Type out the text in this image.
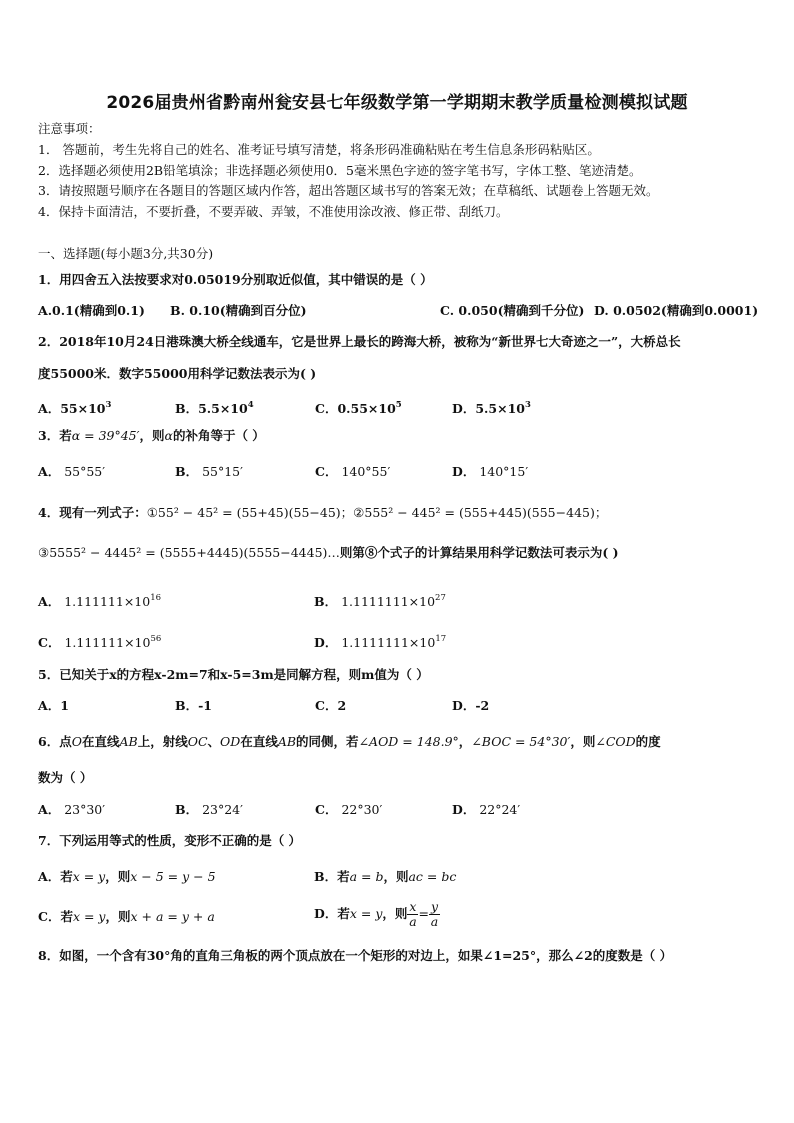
2026届贵州省黔南州瓮安县七年级数学第一学期期末教学质量检测模拟试题
注意事项：
1． 答题前，考生先将自己的姓名、准考证号填写清楚，将条形码准确粘贴在考生信息条形码粘贴区。
2．选择题必须使用2B铅笔填涂；非选择题必须使用0．5毫米黑色字迹的签字笔书写，字体工整、笔迹清楚。
3．请按照题号顺序在各题目的答题区域内作答，超出答题区域书写的答案无效；在草稿纸、试题卷上答题无效。
4．保持卡面清洁，不要折叠，不要弄破、弄皱，不准使用涂改液、修正带、刮纸刀。
一、选择题(每小题3分,共30分)
1．用四舍五入法按要求对0.05019分别取近似值，其中错误的是（ ）
A.0.1(精确到0.1) B. 0.10(精确到百分位)	C. 0.050(精确到千分位) D. 0.0502(精确到0.0001)
2．2018年10月24日港珠澳大桥全线通车，它是世界上最长的跨海大桥，被称为“新世界七大奇迹之一”，大桥总长
度55000米．数字55000用科学记数法表示为( )
A．$55\times 10^3$	B．$5.5\times 10^4$	C．$0.55\times 10^5$	D．$5.5\times 10^3$
3．若α = 39°45′，则α的补角等于（ ）
A． 55°55′	B． 55°15′	C． 140°55′	D． 140°15′
4．现有一列式子：①55² − 45² = (55+45)(55−45)；②555² − 445² = (555+445)(555−445)；
③5555² − 4445² = (5555+4445)(5555−4445)…则第⑧个式子的计算结果用科学记数法可表示为( )
A． $1.111111\times 10^{16}$	B． $1.1111111\times 10^{27}$
C． $1.111111\times 10^{56}$	D． $1.1111111\times 10^{17}$
5．已知关于x的方程x-2m=7和x-5=3m是同解方程，则m值为（ ）
A．1	B．-1	C．2	D．-2
6．点O在直线AB上，射线OC、OD在直线AB的同侧，若∠AOD = 148.9°，∠BOC = 54°30′，则∠COD的度
数为（ ）
A． 23°30′	B． 23°24′	C． 22°30′	D． 22°24′
7．下列运用等式的性质，变形不正确的是（ ）
A．若x = y，则x − 5 = y − 5	B．若a = b，则ac = bc
C．若x = y，则x + a = y + a	D．若x = y，则 $\frac{x}{a} = \frac{y}{a}$
8．如图，一个含有30°角的直角三角板的两个顶点放在一个矩形的对边上，如果∠1=25°，那么∠2的度数是（ ）
